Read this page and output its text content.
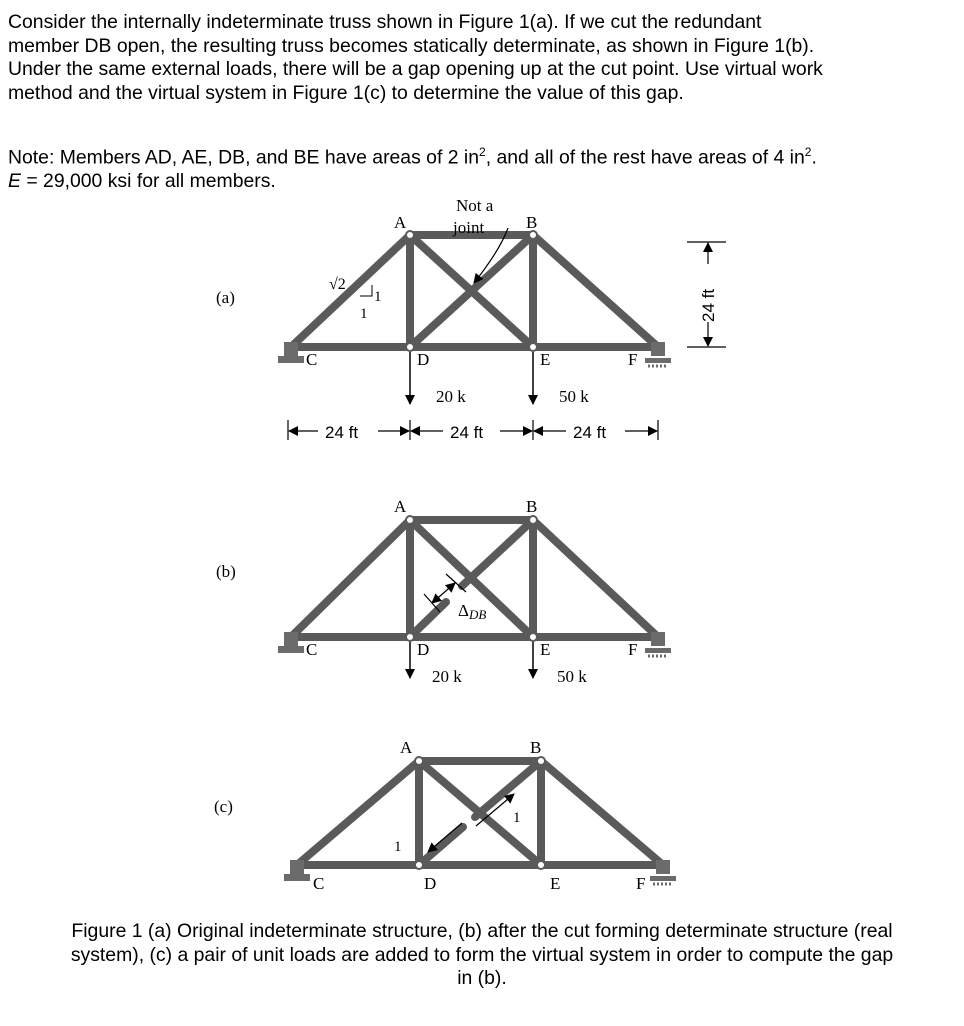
Consider the internally indeterminate truss shown in Figure 1(a). If we cut the redundant
member DB open, the resulting truss becomes statically determinate, as shown in Figure 1(b).
Under the same external loads, there will be a gap opening up at the cut point. Use virtual work
method and the virtual system in Figure 1(c) to determine the value of this gap.
Note: Members AD, AE, DB, and BE have areas of 2 $in^2$, and all of the rest have areas of 4 $in^2$.
E = 29,000 ksi for all members.
(a)
A	B
C	D	E	F
Not a
joint
√2
1
1
20 k	50 k
24 ft	24 ft	24 ft
24 ft
(b)
A	B
C	D	E	F
ΔDB
20 k	50 k
(c)
A	B
C	D	E	F
1
1
Figure 1 (a) Original indeterminate structure, (b) after the cut forming determinate structure (real
system), (c) a pair of unit loads are added to form the virtual system in order to compute the gap
in (b).
